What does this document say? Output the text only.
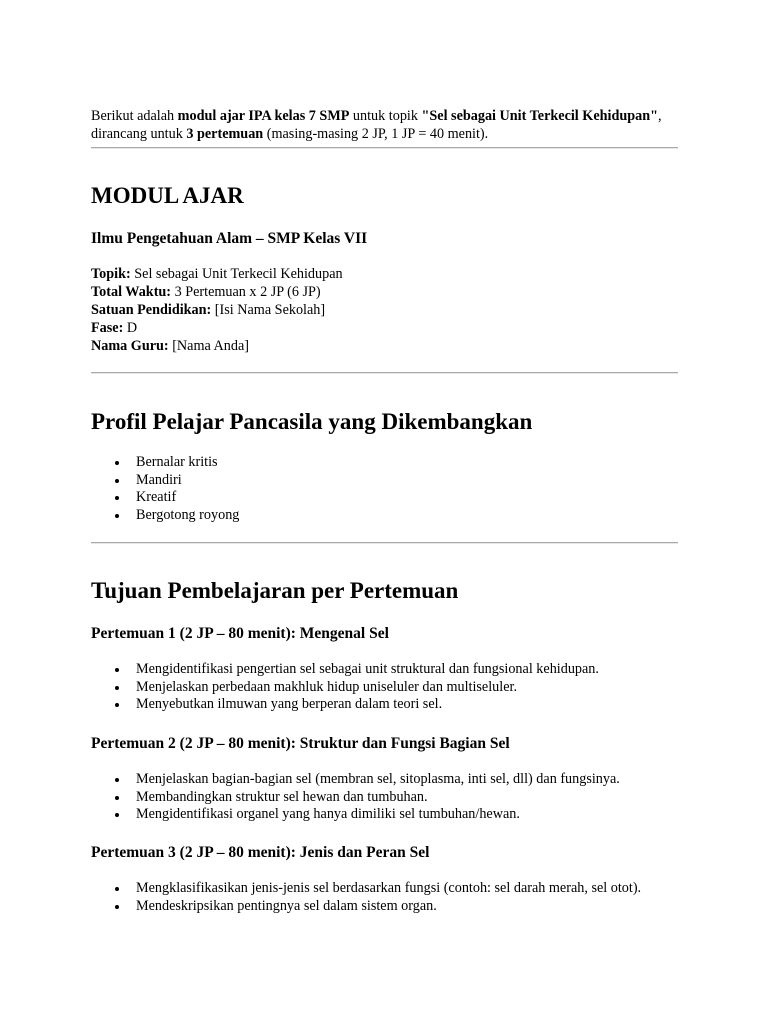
Berikut adalah modul ajar IPA kelas 7 SMP untuk topik "Sel sebagai Unit Terkecil Kehidupan", dirancang untuk 3 pertemuan (masing-masing 2 JP, 1 JP = 40 menit).

MODUL AJAR
Ilmu Pengetahuan Alam – SMP Kelas VII
Topik: Sel sebagai Unit Terkecil Kehidupan
Total Waktu: 3 Pertemuan x 2 JP (6 JP)
Satuan Pendidikan: [Isi Nama Sekolah]
Fase: D
Nama Guru: [Nama Anda]
Profil Pelajar Pancasila yang Dikembangkan
Bernalar kritis
Mandiri
Kreatif
Bergotong royong
Tujuan Pembelajaran per Pertemuan
Pertemuan 1 (2 JP – 80 menit): Mengenal Sel
Mengidentifikasi pengertian sel sebagai unit struktural dan fungsional kehidupan.
Menjelaskan perbedaan makhluk hidup uniseluler dan multiseluler.
Menyebutkan ilmuwan yang berperan dalam teori sel.
Pertemuan 2 (2 JP – 80 menit): Struktur dan Fungsi Bagian Sel
Menjelaskan bagian-bagian sel (membran sel, sitoplasma, inti sel, dll) dan fungsinya.
Membandingkan struktur sel hewan dan tumbuhan.
Mengidentifikasi organel yang hanya dimiliki sel tumbuhan/hewan.
Pertemuan 3 (2 JP – 80 menit): Jenis dan Peran Sel
Mengklasifikasikan jenis-jenis sel berdasarkan fungsi (contoh: sel darah merah, sel otot).
Mendeskripsikan pentingnya sel dalam sistem organ.
